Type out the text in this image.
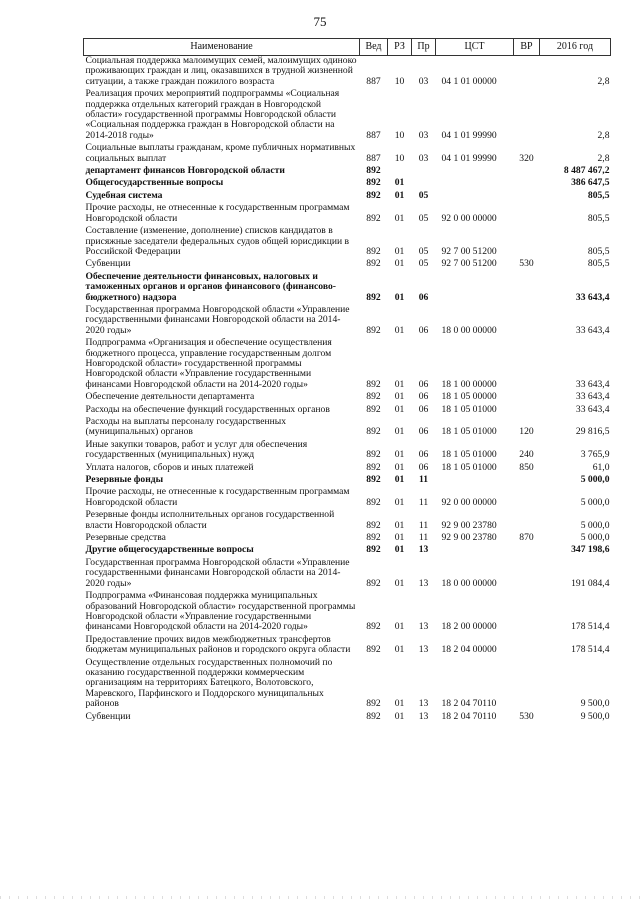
75
Наименование	Вед	РЗ	Пр	ЦСТ	ВР	2016 год
Социальная поддержка малоимущих семей, малоимущих одиноко проживающих граждан и лиц, оказавшихся в трудной жизненной ситуации, а также граждан пожилого возраста	887	10	03	04 1 01 00000		2,8
Реализация прочих мероприятий подпрограммы «Социальная поддержка отдельных категорий граждан в Новгородской области» государственной программы Новгородской области «Социальная поддержка граждан в Новгородской области на 2014-2018 годы»	887	10	03	04 1 01 99990		2,8
Социальные выплаты гражданам, кроме публичных нормативных социальных выплат	887	10	03	04 1 01 99990	320	2,8
департамент финансов Новгородской области	892					8 487 467,2
Общегосударственные вопросы	892	01				386 647,5
Судебная система	892	01	05			805,5
Прочие расходы, не отнесенные к государственным программам Новгородской области	892	01	05	92 0 00 00000		805,5
Составление (изменение, дополнение) списков кандидатов в присяжные заседатели федеральных судов общей юрисдикции в Российской Федерации	892	01	05	92 7 00 51200		805,5
Субвенции	892	01	05	92 7 00 51200	530	805,5
Обеспечение деятельности финансовых, налоговых и таможенных органов и органов финансового (финансово-бюджетного) надзора	892	01	06			33 643,4
Государственная программа Новгородской области «Управление государственными финансами Новгородской области на 2014-2020 годы»	892	01	06	18 0 00 00000		33 643,4
Подпрограмма «Организация и обеспечение осуществления бюджетного процесса, управление государственным долгом Новгородской области» государственной программы Новгородской области «Управление государственными финансами Новгородской области на 2014-2020 годы»	892	01	06	18 1 00 00000		33 643,4
Обеспечение деятельности департамента	892	01	06	18 1 05 00000		33 643,4
Расходы на обеспечение функций государственных органов	892	01	06	18 1 05 01000		33 643,4
Расходы на выплаты персоналу государственных (муниципальных) органов	892	01	06	18 1 05 01000	120	29 816,5
Иные закупки товаров, работ и услуг для обеспечения государственных (муниципальных) нужд	892	01	06	18 1 05 01000	240	3 765,9
Уплата налогов, сборов и иных платежей	892	01	06	18 1 05 01000	850	61,0
Резервные фонды	892	01	11			5 000,0
Прочие расходы, не отнесенные к государственным программам Новгородской области	892	01	11	92 0 00 00000		5 000,0
Резервные фонды исполнительных органов государственной власти Новгородской области	892	01	11	92 9 00 23780		5 000,0
Резервные средства	892	01	11	92 9 00 23780	870	5 000,0
Другие общегосударственные вопросы	892	01	13			347 198,6
Государственная программа Новгородской области «Управление государственными финансами Новгородской области на 2014-2020 годы»	892	01	13	18 0 00 00000		191 084,4
Подпрограмма «Финансовая поддержка муниципальных образований Новгородской области» государственной программы Новгородской области «Управление государственными финансами Новгородской области на 2014-2020 годы»	892	01	13	18 2 00 00000		178 514,4
Предоставление прочих видов межбюджетных трансфертов бюджетам муниципальных районов и городского округа области	892	01	13	18 2 04 00000		178 514,4
Осуществление отдельных государственных полномочий по оказанию государственной поддержки коммерческим организациям на территориях Батецкого, Волотовского, Маревского, Парфинского и Поддорского муниципальных районов	892	01	13	18 2 04 70110		9 500,0
Субвенции	892	01	13	18 2 04 70110	530	9 500,0
